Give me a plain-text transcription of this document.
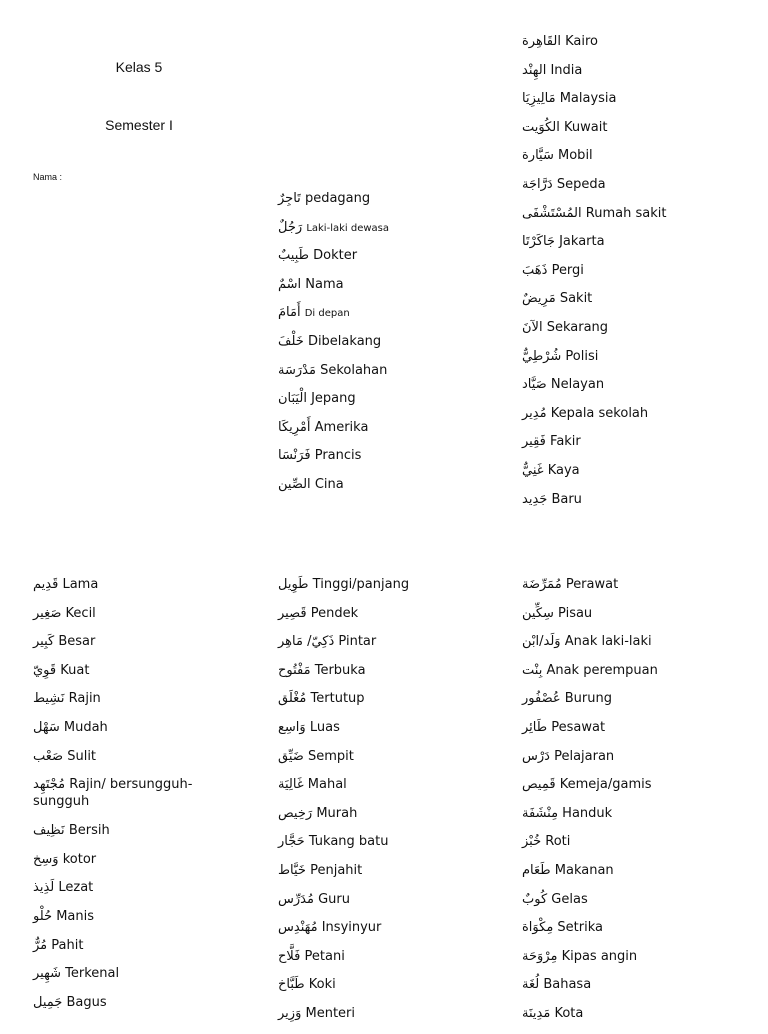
Kelas 5
Semester I
Nama :
تَاجِرٌ pedagang
رَجُلٌ Laki-laki dewasa
طَبِيبٌ Dokter
اسْمٌ Nama
أَمَامَ Di depan
خَلْفَ Dibelakang
مَدْرَسَة Sekolahan
الْيَبَان Jepang
أَمْرِيكَا Amerika
فَرَنْسَا Prancis
الصِّين Cina
القَاهِرة Kairo
الهِنْد India
مَالِيزِيَا Malaysia
الكُوَيت Kuwait
سَيَّارة Mobil
دَرَّاجَة Sepeda
المُسْتَشْفَى Rumah sakit
جَاكَرْتَا Jakarta
ذَهَبَ Pergi
مَرِيضٌ Sakit
الآنَ Sekarang
شُرْطِيٌّ Polisi
صَيَّاد Nelayan
مُدِير Kepala sekolah
فَقِير Fakir
غَنِيٌّ Kaya
جَدِيد Baru
قَدِيم Lama
صَغِير Kecil
كَبِير Besar
قَوِيّ Kuat
نَشِيط Rajin
سَهْل Mudah
صَعْب Sulit
مُجْتَهِد Rajin/ bersungguh-sungguh
نَظِيف Bersih
وَسِخ kotor
لَذِيذ Lezat
حُلْو Manis
مُرٌّ Pahit
شَهِير Terkenal
جَمِيل Bagus
طَوِيل Tinggi/panjang
قَصِير Pendek
ذَكِيّ/ مَاهِر Pintar
مَفْتُوح Terbuka
مُغْلَق Tertutup
وَاسِع Luas
ضَيِّق Sempit
غَالِيَة Mahal
رَخِيص Murah
حَجَّار Tukang batu
خَيَّاط Penjahit
مُدَرِّس Guru
مُهَنْدِس Insyinyur
فَلَّاح Petani
طَبَّاخ Koki
وَزِير Menteri
مُمَرِّضَة Perawat
سِكِّين Pisau
وَلَد/ابْن Anak laki-laki
بِنْت Anak perempuan
عُصْفُور Burung
طَائِر Pesawat
دَرْس Pelajaran
قَمِيص Kemeja/gamis
مِنْشَفَة Handuk
خُبْز Roti
طَعَام Makanan
كُوبٌ Gelas
مِكْوَاة Setrika
مِرْوَحَة Kipas angin
لُغَة Bahasa
مَدِينَة Kota
